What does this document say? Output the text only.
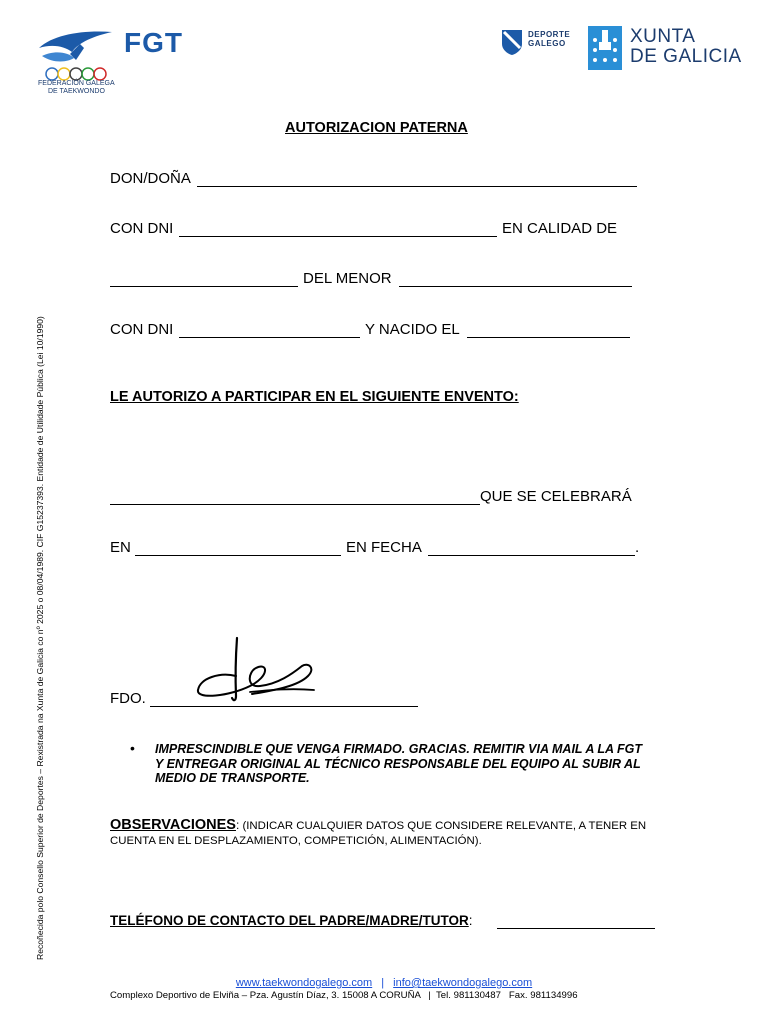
FGT
FEDERACIÓN GALEGA
DE TAEKWONDO
DEPORTE
GALEGO	XUNTA
DE GALICIA
Recoñecida polo Consello Superior de Deportes – Rexistrada na Xunta de Galicia co nº 2025 o 08/04/1989. CIF G15237393. Entidade de Utilidade Pública (Lei 10/1990)
AUTORIZACION PATERNA
DON/DOÑA
CON DNI	EN CALIDAD DE
DEL MENOR
CON DNI	Y NACIDO EL
LE AUTORIZO A PARTICIPAR EN EL SIGUIENTE ENVENTO:
QUE SE CELEBRARÁ
EN	EN FECHA	.
FDO.
• IMPRESCINDIBLE QUE VENGA FIRMADO. GRACIAS. REMITIR VIA MAIL A LA FGT Y ENTREGAR ORIGINAL AL TÉCNICO RESPONSABLE DEL EQUIPO AL SUBIR AL MEDIO DE TRANSPORTE.
OBSERVACIONES: (INDICAR CUALQUIER DATOS QUE CONSIDERE RELEVANTE, A TENER EN CUENTA EN EL DESPLAZAMIENTO, COMPETICIÓN, ALIMENTACIÓN).
TELÉFONO DE CONTACTO DEL PADRE/MADRE/TUTOR:
www.taekwondogalego.com | info@taekwondogalego.com
Complexo Deportivo de Elviña – Pza. Agustín Díaz, 3. 15008 A CORUÑA   |  Tel. 981130487   Fax. 981134996
